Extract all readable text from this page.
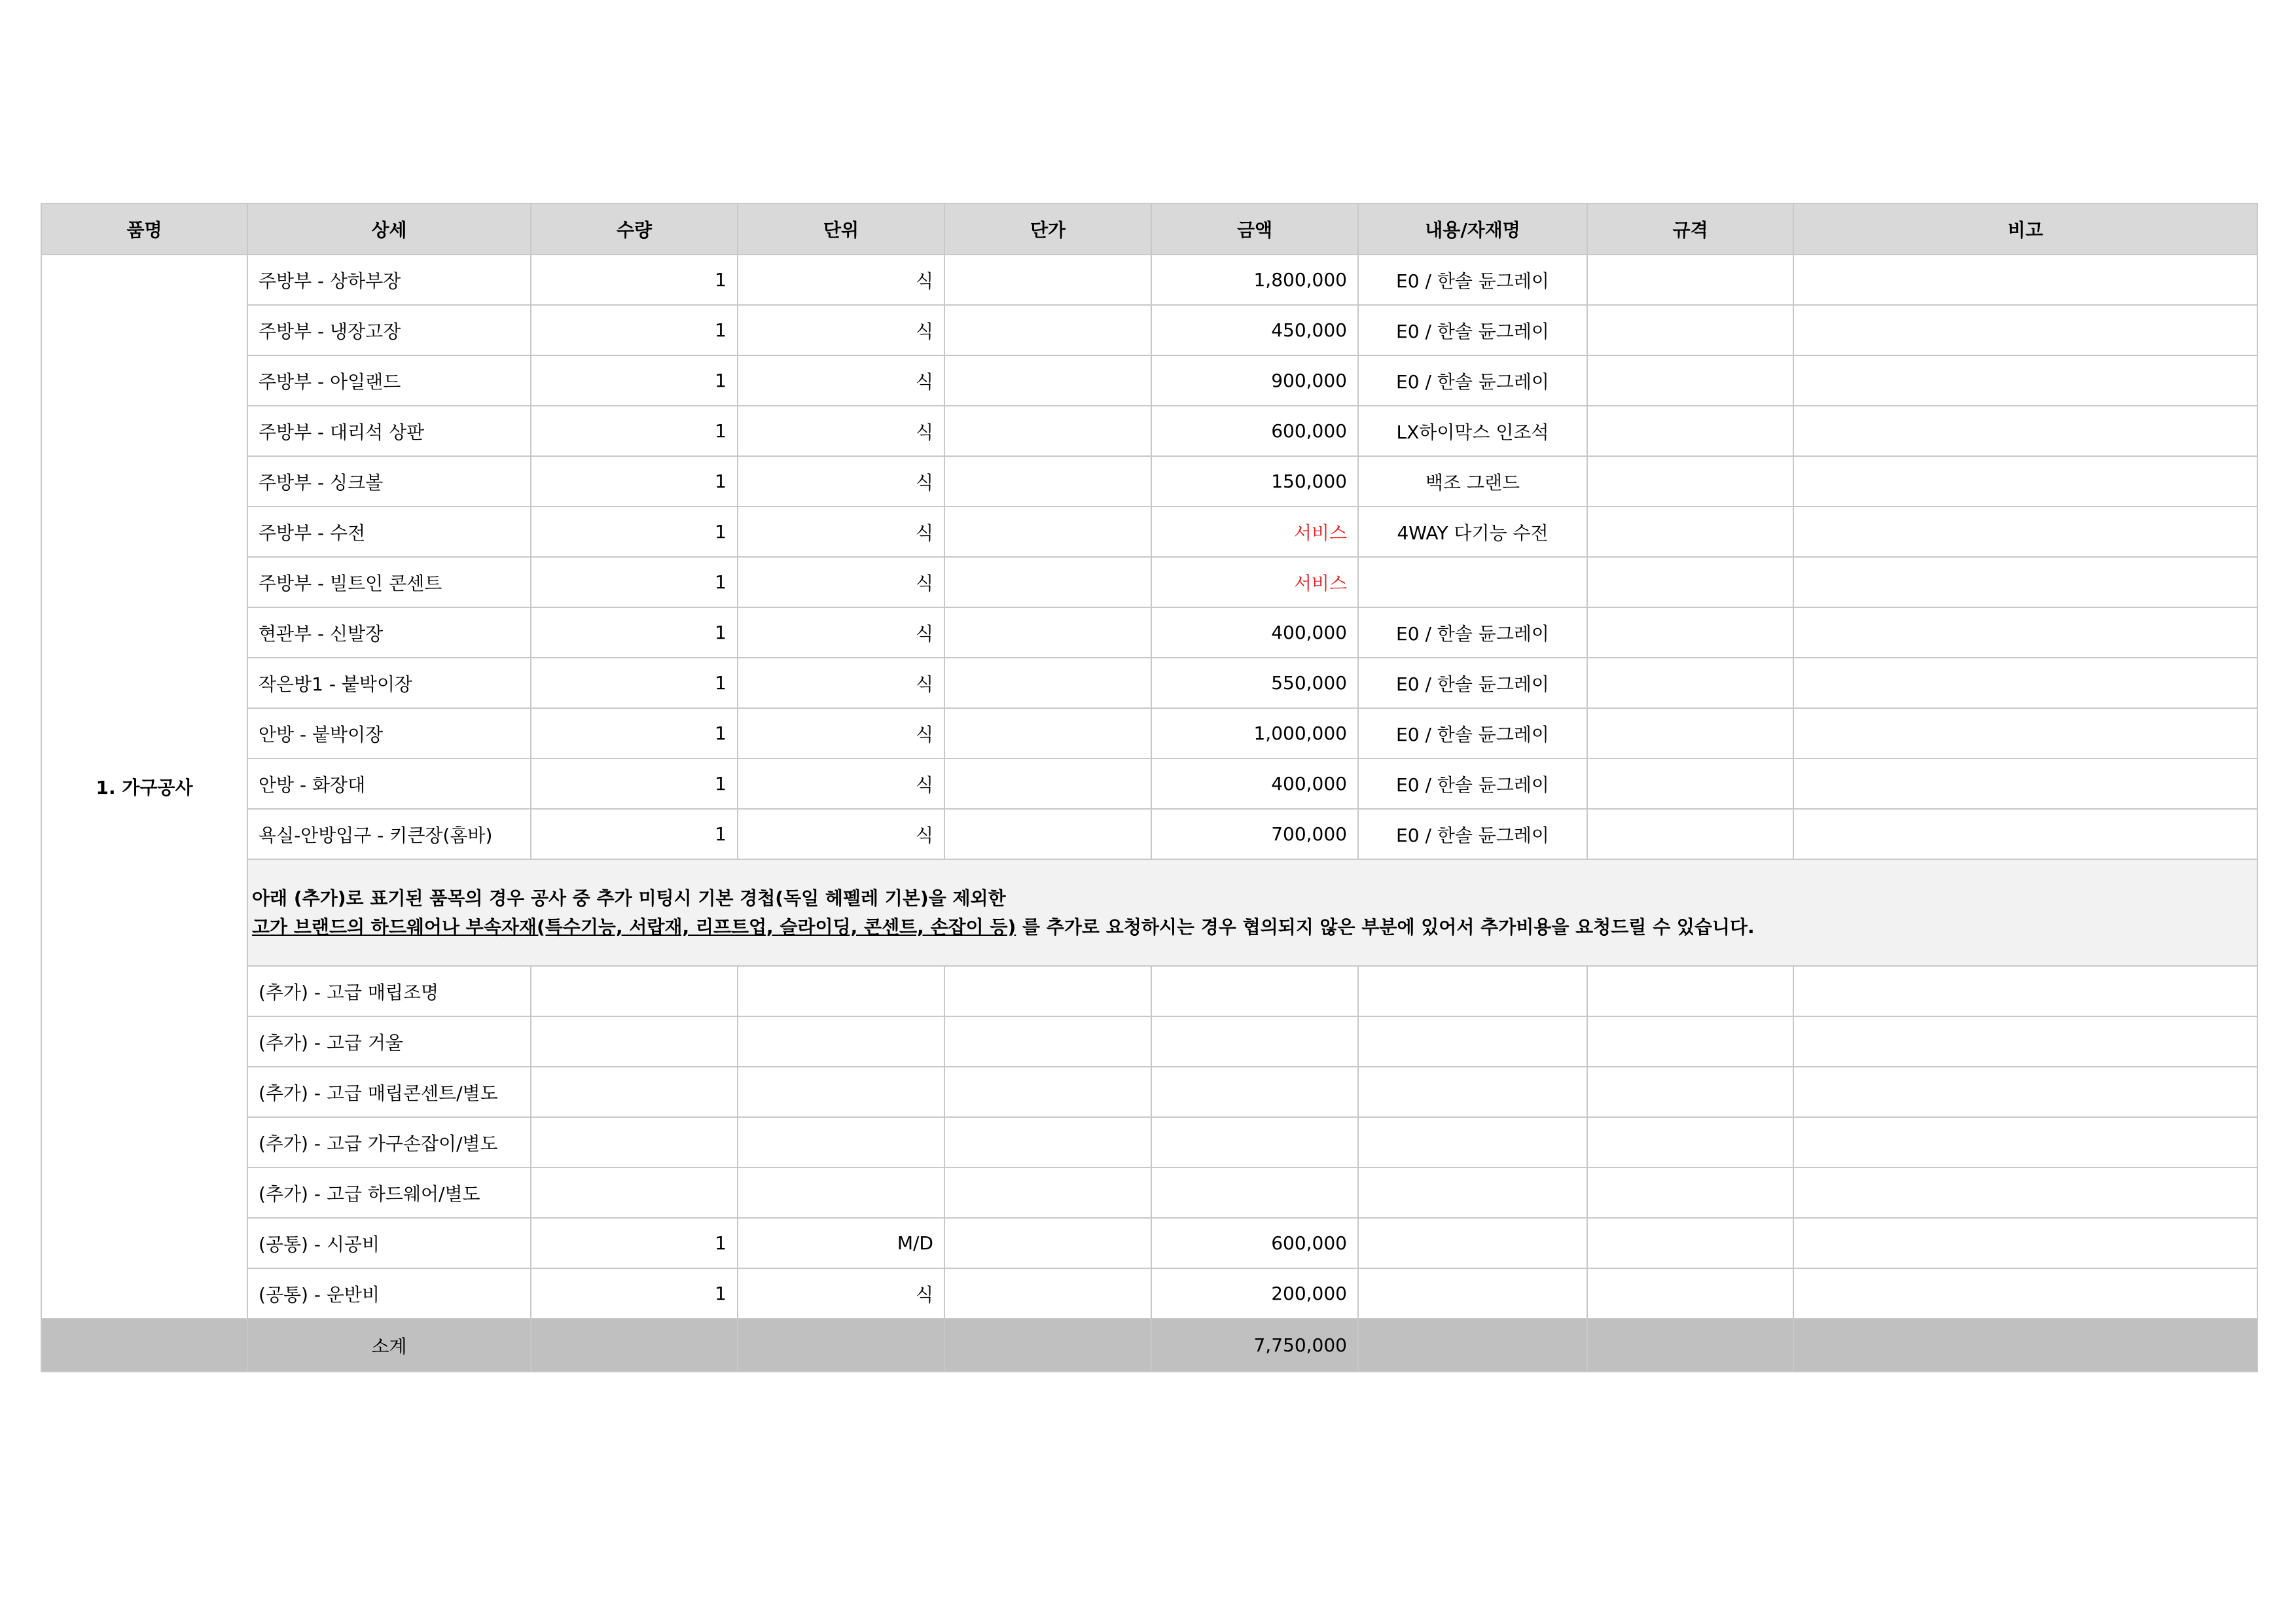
품명	상세	수량	단위	단가	금액	내용/자재명	규격	비고
1. 가구공사	주방부 - 상하부장	1	식		1,800,000	E0 / 한솔 듄그레이		
	주방부 - 냉장고장	1	식		450,000	E0 / 한솔 듄그레이		
	주방부 - 아일랜드	1	식		900,000	E0 / 한솔 듄그레이		
	주방부 - 대리석 상판	1	식		600,000	LX하이막스 인조석		
	주방부 - 싱크볼	1	식		150,000	백조 그랜드		
	주방부 - 수전	1	식		서비스	4WAY 다기능 수전		
	주방부 - 빌트인 콘센트	1	식		서비스			
	현관부 - 신발장	1	식		400,000	E0 / 한솔 듄그레이		
	작은방1 - 붙박이장	1	식		550,000	E0 / 한솔 듄그레이		
	안방 - 붙박이장	1	식		1,000,000	E0 / 한솔 듄그레이		
	안방 - 화장대	1	식		400,000	E0 / 한솔 듄그레이		
	욕실-안방입구 - 키큰장(홈바)	1	식		700,000	E0 / 한솔 듄그레이		

	아래 (추가)로 표기된 품목의 경우 공사 중 추가 미팅시 기본 경첩(독일 헤펠레 기본)을 제외한
고가 브랜드의 하드웨어나 부속자재(특수기능, 서랍재, 리프트업, 슬라이딩, 콘센트, 손잡이 등) 를 추가로 요청하시는 경우 협의되지 않은 부분에 있어서 추가비용을 요청드릴 수 있습니다.							

	(추가) - 고급 매립조명							
	(추가) - 고급 거울							
	(추가) - 고급 매립콘센트/별도							
	(추가) - 고급 가구손잡이/별도							
	(추가) - 고급 하드웨어/별도							
	(공통) - 시공비	1	M/D		600,000			
	(공통) - 운반비	1	식		200,000			
	소계				7,750,000			
